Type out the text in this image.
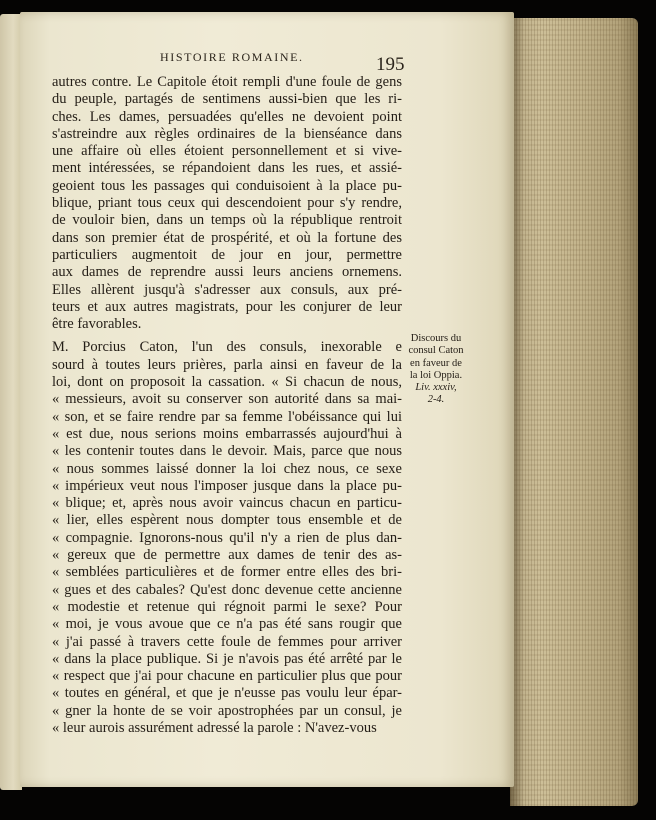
HISTOIRE ROMAINE.	195
autres contre. Le Capitole étoit rempli d'une foule de gens
du peuple, partagés de sentimens aussi-bien que les ri-
ches. Les dames, persuadées qu'elles ne devoient point
s'astreindre aux règles ordinaires de la bienséance dans
une affaire où elles étoient personnellement et si vive-
ment intéressées, se répandoient dans les rues, et assié-
geoient tous les passages qui conduisoient à la place pu-
blique, priant tous ceux qui descendoient pour s'y rendre,
de vouloir bien, dans un temps où la république rentroit
dans son premier état de prospérité, et où la fortune des
particuliers augmentoit de jour en jour, permettre
aux dames de reprendre aussi leurs anciens ornemens.
Elles allèrent jusqu'à s'adresser aux consuls, aux pré-
teurs et aux autres magistrats, pour les conjurer de leur
être favorables.
M. Porcius Caton, l'un des consuls, inexorable e
sourd à toutes leurs prières, parla ainsi en faveur de la
loi, dont on proposoit la cassation. « Si chacun de nous,
« messieurs, avoit su conserver son autorité dans sa mai-
« son, et se faire rendre par sa femme l'obéissance qui lui
« est due, nous serions moins embarrassés aujourd'hui à
« les contenir toutes dans le devoir. Mais, parce que nous
« nous sommes laissé donner la loi chez nous, ce sexe
« impérieux veut nous l'imposer jusque dans la place pu-
« blique; et, après nous avoir vaincus chacun en particu-
« lier, elles espèrent nous dompter tous ensemble et de
« compagnie. Ignorons-nous qu'il n'y a rien de plus dan-
« gereux que de permettre aux dames de tenir des as-
« semblées particulières et de former entre elles des bri-
« gues et des cabales? Qu'est donc devenue cette ancienne
« modestie et retenue qui régnoit parmi le sexe? Pour
« moi, je vous avoue que ce n'a pas été sans rougir que
« j'ai passé à travers cette foule de femmes pour arriver
« dans la place publique. Si je n'avois pas été arrêté par le
« respect que j'ai pour chacune en particulier plus que pour
« toutes en général, et que je n'eusse pas voulu leur épar-
« gner la honte de se voir apostrophées par un consul, je
« leur aurois assurément adressé la parole : N'avez-vous
Discours du
consul Caton
en faveur de
la loi Oppia.
Liv. xxxiv,
2-4.
